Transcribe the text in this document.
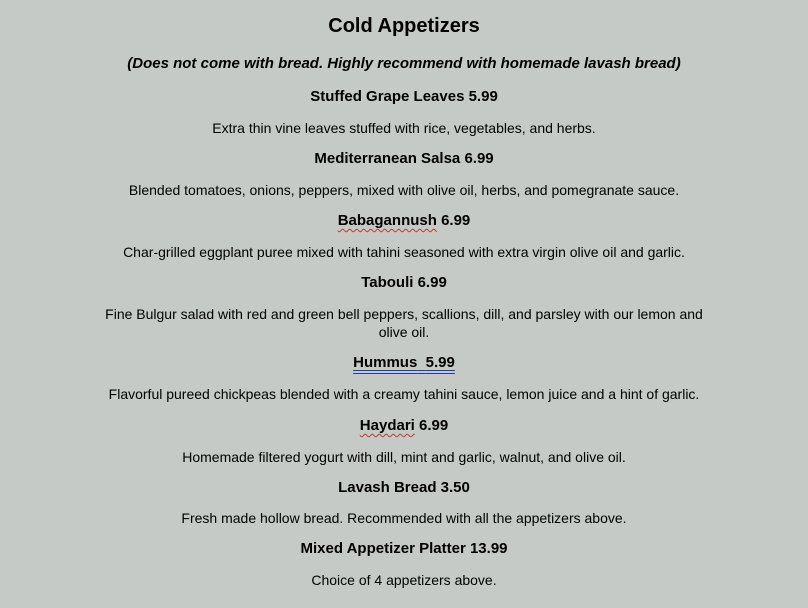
Cold Appetizers
(Does not come with bread. Highly recommend with homemade lavash bread)
Stuffed Grape Leaves 5.99
Extra thin vine leaves stuffed with rice, vegetables, and herbs.
Mediterranean Salsa 6.99
Blended tomatoes, onions, peppers, mixed with olive oil, herbs, and pomegranate sauce.
Babagannush 6.99
Char-grilled eggplant puree mixed with tahini seasoned with extra virgin olive oil and garlic.
Tabouli 6.99
Fine Bulgur salad with red and green bell peppers, scallions, dill, and parsley with our lemon and olive oil.
Hummus 5.99
Flavorful pureed chickpeas blended with a creamy tahini sauce, lemon juice and a hint of garlic.
Haydari 6.99
Homemade filtered yogurt with dill, mint and garlic, walnut, and olive oil.
Lavash Bread 3.50
Fresh made hollow bread. Recommended with all the appetizers above.
Mixed Appetizer Platter 13.99
Choice of 4 appetizers above.
